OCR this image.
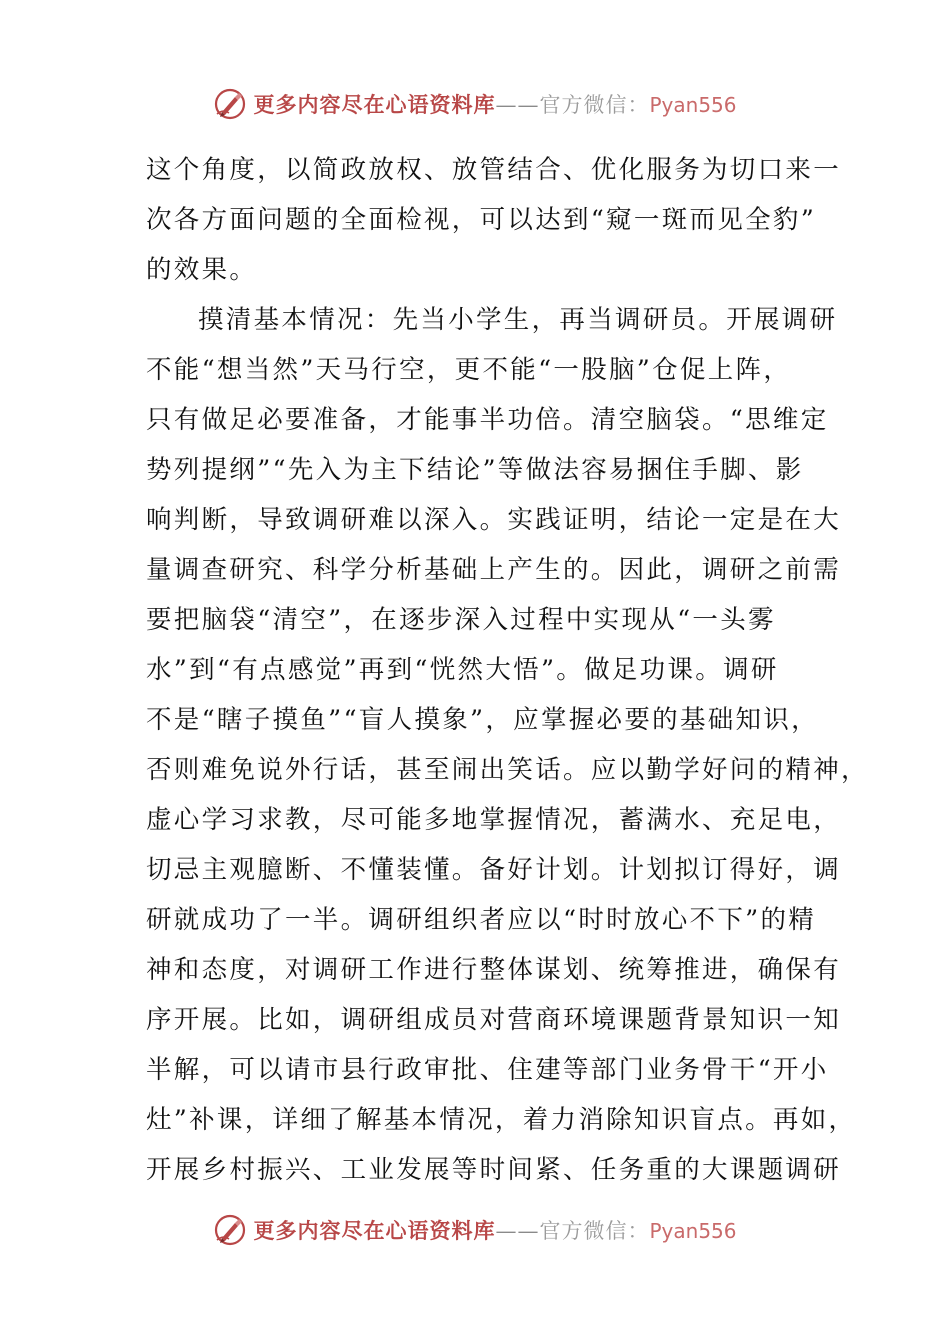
更多内容尽在心语资料库——官方微信：Pyan556
这个角度，以简政放权、放管结合、优化服务为切口来一
次各方面问题的全面检视，可以达到“窥一斑而见全豹”
的效果。
摸清基本情况：先当小学生，再当调研员。开展调研
不能“想当然”天马行空，更不能“一股脑”仓促上阵，
只有做足必要准备，才能事半功倍。清空脑袋。“思维定
势列提纲”“先入为主下结论”等做法容易捆住手脚、影
响判断，导致调研难以深入。实践证明，结论一定是在大
量调查研究、科学分析基础上产生的。因此，调研之前需
要把脑袋“清空”，在逐步深入过程中实现从“一头雾
水”到“有点感觉”再到“恍然大悟”。做足功课。调研
不是“瞎子摸鱼”“盲人摸象”，应掌握必要的基础知识，
否则难免说外行话，甚至闹出笑话。应以勤学好问的精神，
虚心学习求教，尽可能多地掌握情况，蓄满水、充足电，
切忌主观臆断、不懂装懂。备好计划。计划拟订得好，调
研就成功了一半。调研组织者应以“时时放心不下”的精
神和态度，对调研工作进行整体谋划、统筹推进，确保有
序开展。比如，调研组成员对营商环境课题背景知识一知
半解，可以请市县行政审批、住建等部门业务骨干“开小
灶”补课，详细了解基本情况，着力消除知识盲点。再如，
开展乡村振兴、工业发展等时间紧、任务重的大课题调研
更多内容尽在心语资料库——官方微信：Pyan556
